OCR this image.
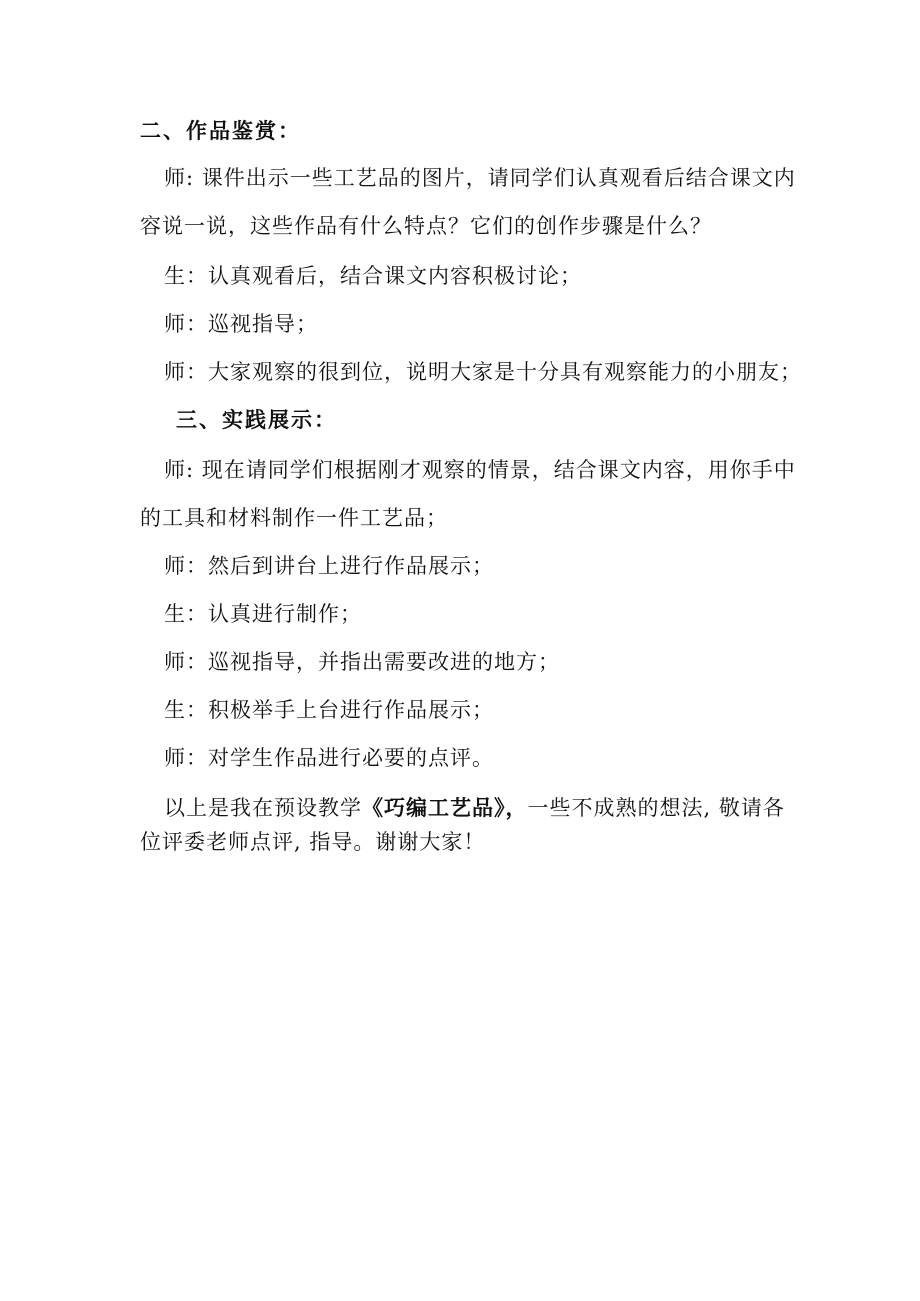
二、作品鉴赏：
师: 课件出示一些工艺品的图片，请同学们认真观看后结合课文内
容说一说，这些作品有什么特点？它们的创作步骤是什么？
生：认真观看后，结合课文内容积极讨论；
师：巡视指导；
师：大家观察的很到位，说明大家是十分具有观察能力的小朋友；
三、实践展示：
师: 现在请同学们根据刚才观察的情景，结合课文内容，用你手中
的工具和材料制作一件工艺品；
师：然后到讲台上进行作品展示；
生：认真进行制作；
师：巡视指导，并指出需要改进的地方；
生：积极举手上台进行作品展示；
师：对学生作品进行必要的点评。
以上是我在预设教学《巧编工艺品》，一些不成熟的想法, 敬请各
位评委老师点评, 指导。谢谢大家！
